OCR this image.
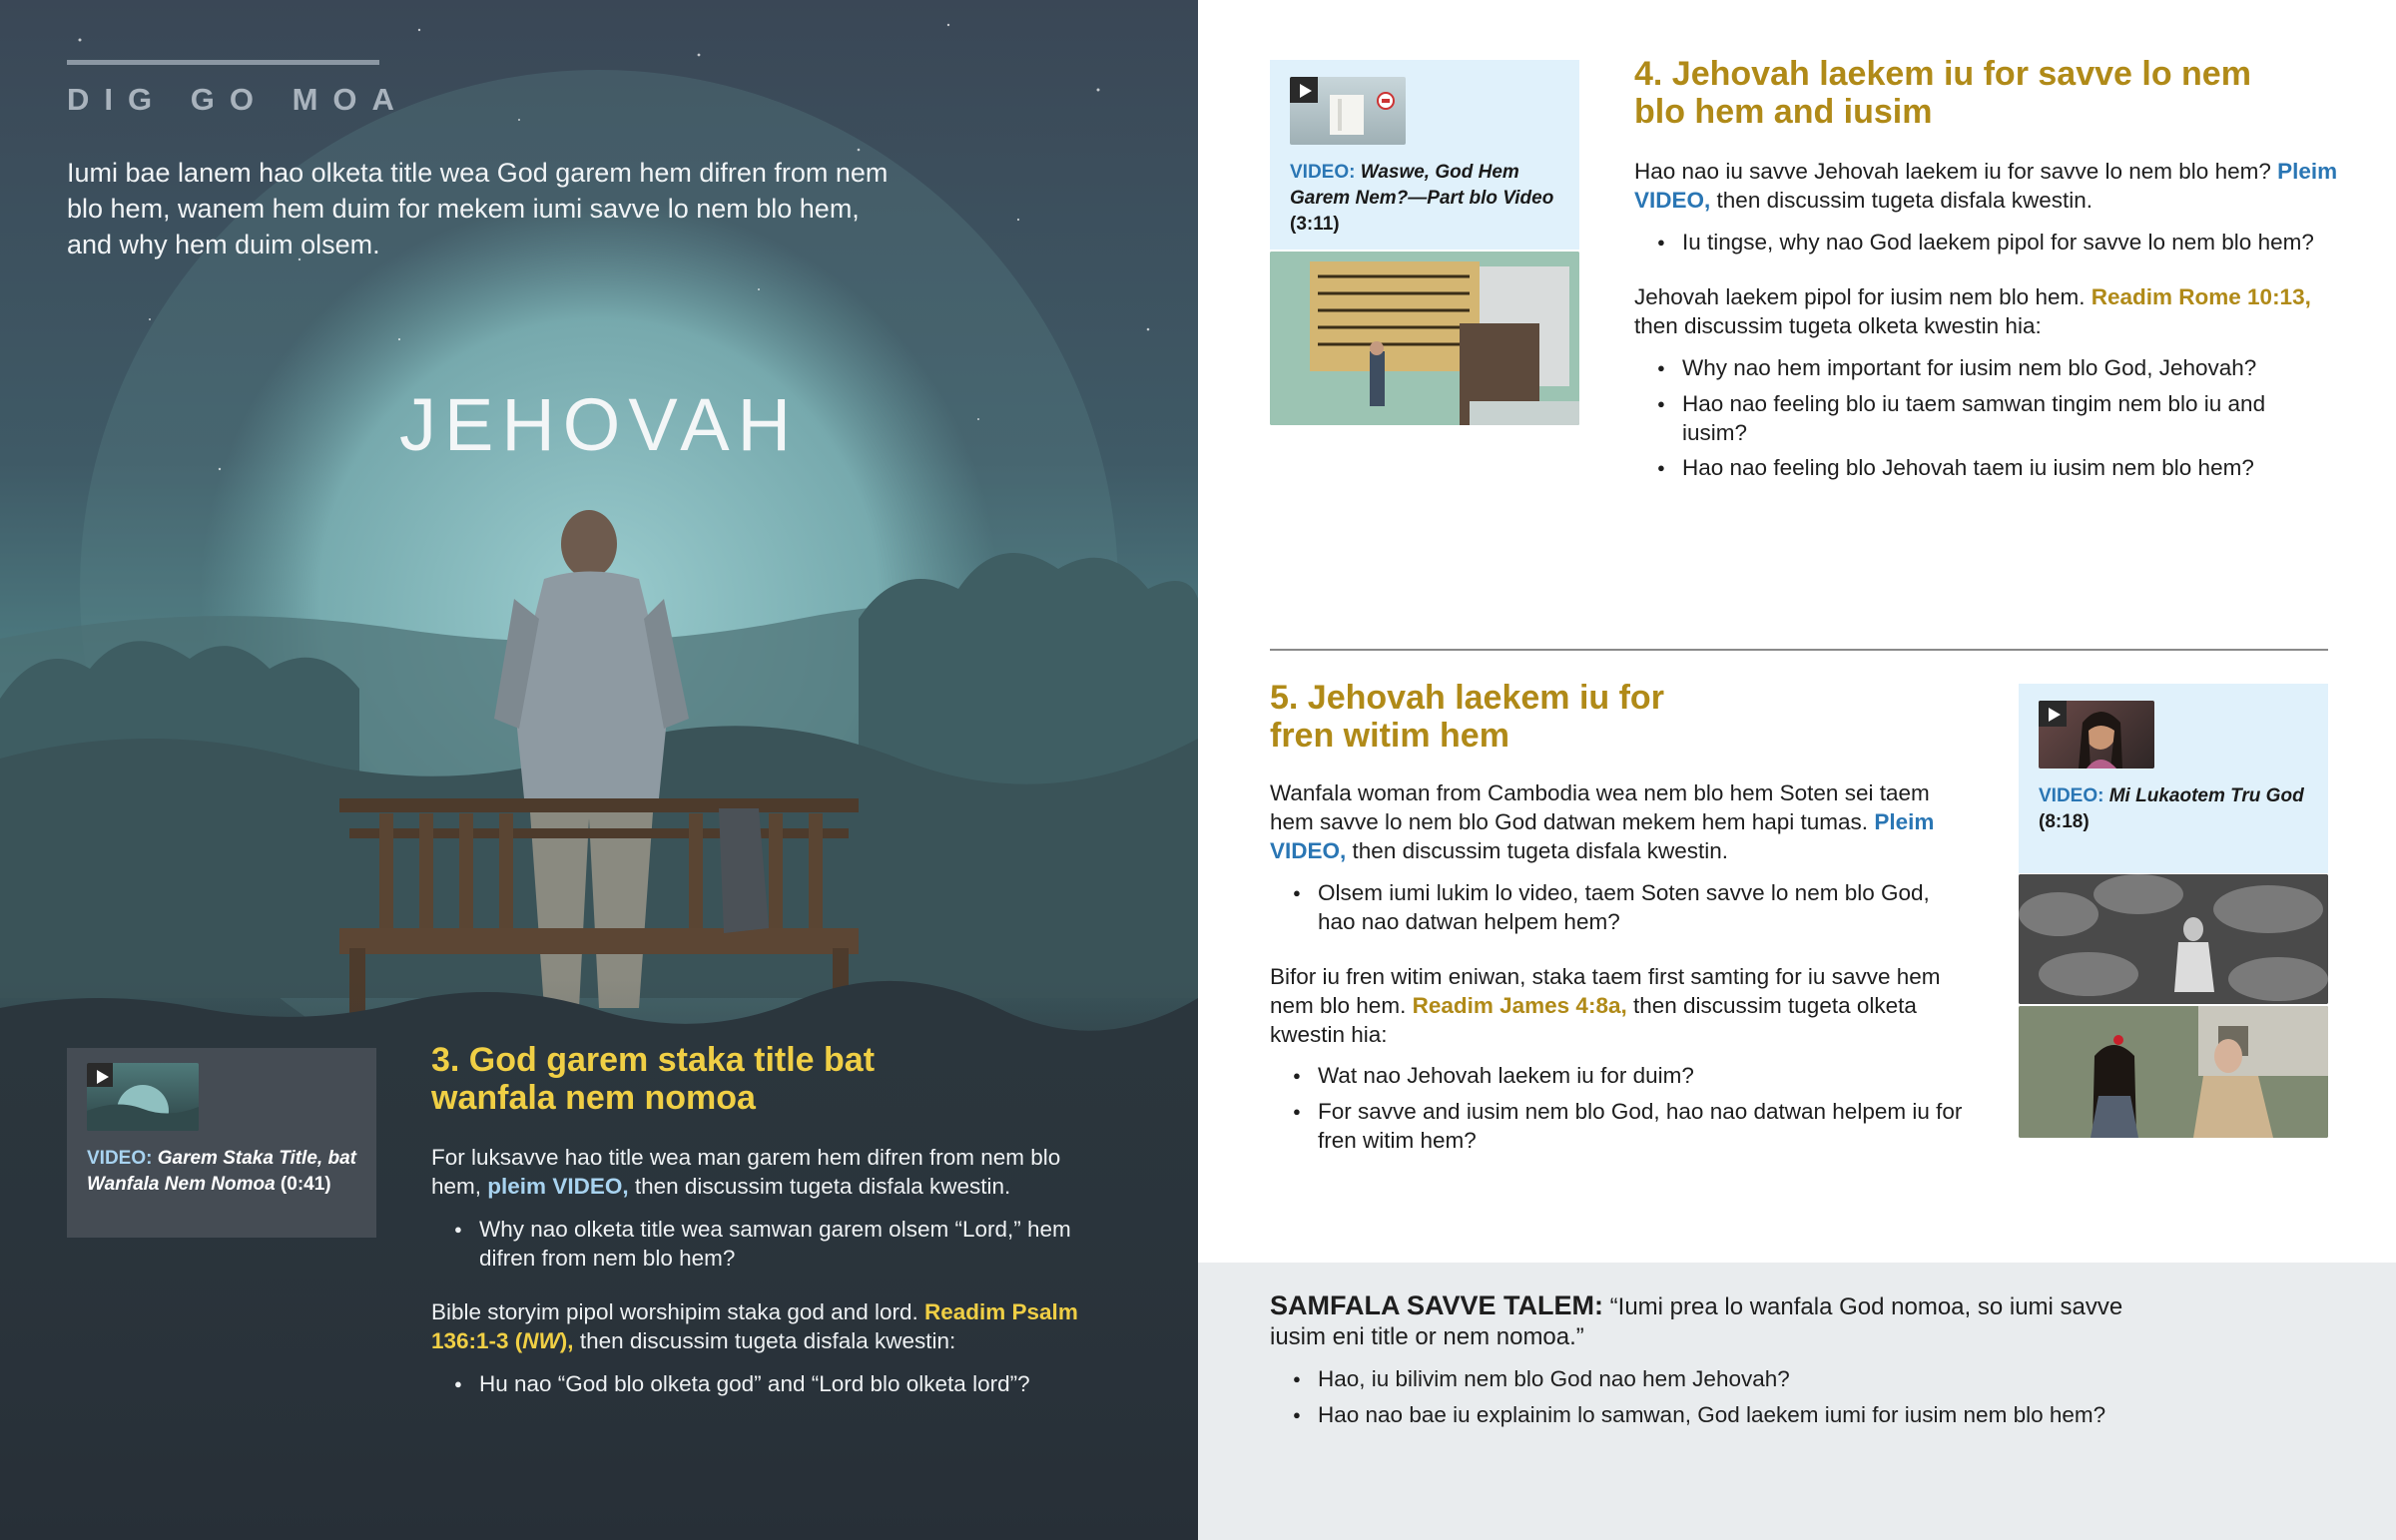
DIG GO MOA
Iumi bae lanem hao olketa title wea God garem hem difren from nem blo hem, wanem hem duim for mekem iumi savve lo nem blo hem, and why hem duim olsem.
JEHOVAH
VIDEO: Garem Staka Title, bat Wanfala Nem Nomoa (0:41)
3. God garem staka title bat wanfala nem nomoa
For luksavve hao title wea man garem hem difren from nem blo hem, pleim VIDEO, then discussim tugeta disfala kwestin.
● Why nao olketa title wea samwan garem olsem “Lord,” hem difren from nem blo hem?
Bible storyim pipol worshipim staka god and lord. Readim Psalm 136:1-3 (NW), then discussim tugeta disfala kwestin:
● Hu nao “God blo olketa god” and “Lord blo olketa lord”?
VIDEO: Waswe, God Hem Garem Nem?—Part blo Video (3:11)
4. Jehovah laekem iu for savve lo nem blo hem and iusim
Hao nao iu savve Jehovah laekem iu for savve lo nem blo hem? Pleim VIDEO, then discussim tugeta disfala kwestin.
● Iu tingse, why nao God laekem pipol for savve lo nem blo hem?
Jehovah laekem pipol for iusim nem blo hem. Readim Rome 10:13, then discussim tugeta olketa kwestin hia:
● Why nao hem important for iusim nem blo God, Jehovah?
● Hao nao feeling blo iu taem samwan tingim nem blo iu and iusim?
● Hao nao feeling blo Jehovah taem iu iusim nem blo hem?
5. Jehovah laekem iu for fren witim hem
Wanfala woman from Cambodia wea nem blo hem Soten sei taem hem savve lo nem blo God datwan mekem hem hapi tumas. Pleim VIDEO, then discussim tugeta disfala kwestin.
● Olsem iumi lukim lo video, taem Soten savve lo nem blo God, hao nao datwan helpem hem?
Bifor iu fren witim eniwan, staka taem first samting for iu savve hem nem blo hem. Readim James 4:8a, then discussim tugeta olketa kwestin hia:
● Wat nao Jehovah laekem iu for duim?
● For savve and iusim nem blo God, hao nao datwan helpem iu for fren witim hem?
VIDEO: Mi Lukaotem Tru God
(8:18)
SAMFALA SAVVE TALEM: “Iumi prea lo wanfala God nomoa, so iumi savve iusim eni title or nem nomoa.”
● Hao, iu bilivim nem blo God nao hem Jehovah?
● Hao nao bae iu explainim lo samwan, God laekem iumi for iusim nem blo hem?
